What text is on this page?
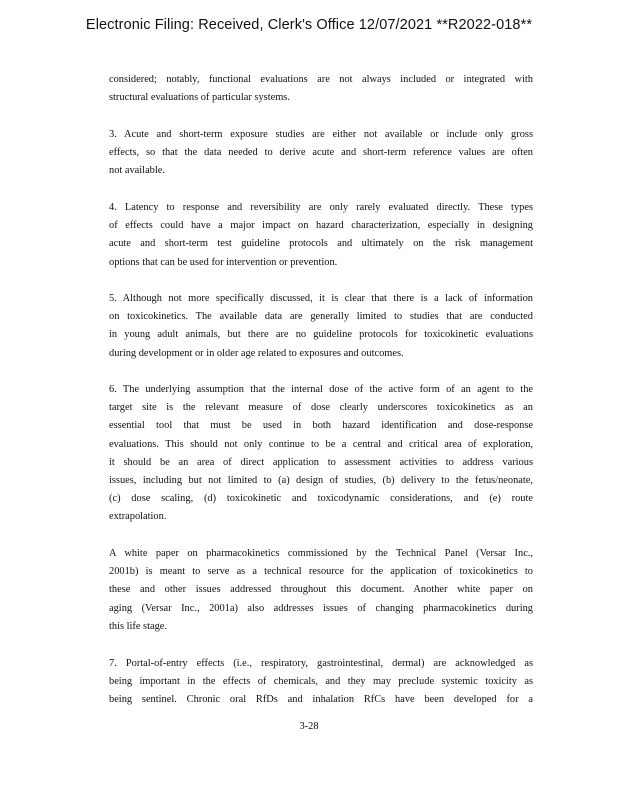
Electronic Filing: Received, Clerk's Office 12/07/2021 **R2022-018**
considered; notably, functional evaluations are not always included or integrated with
structural evaluations of particular systems.
3. Acute and short-term exposure studies are either not available or include only gross
effects, so that the data needed to derive acute and short-term reference values are often
not available.
4. Latency to response and reversibility are only rarely evaluated directly. These types
of effects could have a major impact on hazard characterization, especially in designing
acute and short-term test guideline protocols and ultimately on the risk management
options that can be used for intervention or prevention.
5. Although not more specifically discussed, it is clear that there is a lack of information
on toxicokinetics. The available data are generally limited to studies that are conducted
in young adult animals, but there are no guideline protocols for toxicokinetic evaluations
during development or in older age related to exposures and outcomes.
6. The underlying assumption that the internal dose of the active form of an agent to the
target site is the relevant measure of dose clearly underscores toxicokinetics as an
essential tool that must be used in both hazard identification and dose-response
evaluations. This should not only continue to be a central and critical area of exploration,
it should be an area of direct application to assessment activities to address various
issues, including but not limited to (a) design of studies, (b) delivery to the fetus/neonate,
(c) dose scaling, (d) toxicokinetic and toxicodynamic considerations, and (e) route
extrapolation.
A white paper on pharmacokinetics commissioned by the Technical Panel (Versar Inc.,
2001b) is meant to serve as a technical resource for the application of toxicokinetics to
these and other issues addressed throughout this document. Another white paper on
aging (Versar Inc., 2001a) also addresses issues of changing pharmacokinetics during
this life stage.
7. Portal-of-entry effects (i.e., respiratory, gastrointestinal, dermal) are acknowledged as
being important in the effects of chemicals, and they may preclude systemic toxicity as
being sentinel. Chronic oral RfDs and inhalation RfCs have been developed for a
3-28
